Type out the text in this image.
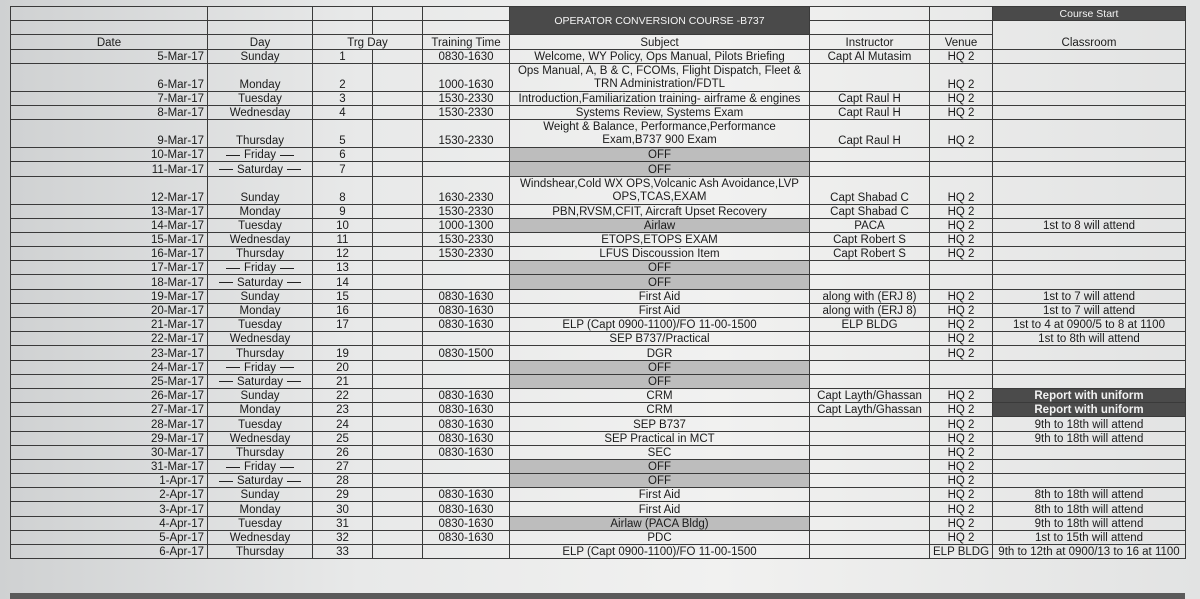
					OPERATOR CONVERSION COURSE -B737			Course Start
								Classroom
Date	Day	Trg Day		Training Time	Subject	Instructor	Venue	
5-Mar-17	Sunday	1		0830-1630	Welcome, WY Policy, Ops Manual, Pilots Briefing	Capt Al Mutasim	HQ 2	
6-Mar-17	Monday	2		1000-1630	Ops Manual, A, B & C, FCOMs, Flight Dispatch, Fleet & TRN Administration/FDTL		HQ 2	
7-Mar-17	Tuesday	3		1530-2330	Introduction,Familiarization training- airframe & engines	Capt Raul H	HQ 2	
8-Mar-17	Wednesday	4		1530-2330	Systems Review, Systems Exam	Capt Raul H	HQ 2	
9-Mar-17	Thursday	5		1530-2330	Weight & Balance, Performance,Performance Exam,B737 900 Exam	Capt Raul H	HQ 2	
10-Mar-17	Friday	6			OFF			
11-Mar-17	Saturday	7			OFF			
12-Mar-17	Sunday	8		1630-2330	Windshear,Cold WX OPS,Volcanic Ash Avoidance,LVP OPS,TCAS,EXAM	Capt Shabad C	HQ 2	
13-Mar-17	Monday	9		1530-2330	PBN,RVSM,CFIT, Aircraft Upset Recovery	Capt Shabad C	HQ 2	
14-Mar-17	Tuesday	10		1000-1300	Airlaw	PACA	HQ 2	1st to 8 will attend
15-Mar-17	Wednesday	11		1530-2330	ETOPS,ETOPS EXAM	Capt Robert S	HQ 2	
16-Mar-17	Thursday	12		1530-2330	LFUS Discoussion Item	Capt Robert S	HQ 2	
17-Mar-17	Friday	13			OFF			
18-Mar-17	Saturday	14			OFF			
19-Mar-17	Sunday	15		0830-1630	First Aid	along with (ERJ 8)	HQ 2	1st to 7 will attend
20-Mar-17	Monday	16		0830-1630	First Aid	along with (ERJ 8)	HQ 2	1st to 7 will attend
21-Mar-17	Tuesday	17		0830-1630	ELP (Capt 0900-1100)/FO 11-00-1500	ELP BLDG	HQ 2	1st to 4 at 0900/5 to 8 at 1100
22-Mar-17	Wednesday				SEP B737/Practical		HQ 2	1st to 8th will attend
23-Mar-17	Thursday	19		0830-1500	DGR		HQ 2	
24-Mar-17	Friday	20			OFF			
25-Mar-17	Saturday	21			OFF			
26-Mar-17	Sunday	22		0830-1630	CRM	Capt Layth/Ghassan	HQ 2	Report with uniform
27-Mar-17	Monday	23		0830-1630	CRM	Capt Layth/Ghassan	HQ 2	Report with uniform
28-Mar-17	Tuesday	24		0830-1630	SEP B737		HQ 2	9th to 18th will attend
29-Mar-17	Wednesday	25		0830-1630	SEP Practical in MCT		HQ 2	9th to 18th will attend
30-Mar-17	Thursday	26		0830-1630	SEC		HQ 2	
31-Mar-17	Friday	27			OFF		HQ 2	
1-Apr-17	Saturday	28			OFF		HQ 2	
2-Apr-17	Sunday	29		0830-1630	First Aid		HQ 2	8th to 18th will attend
3-Apr-17	Monday	30		0830-1630	First Aid		HQ 2	8th to 18th will attend
4-Apr-17	Tuesday	31		0830-1630	Airlaw (PACA Bldg)		HQ 2	9th to 18th will attend
5-Apr-17	Wednesday	32		0830-1630	PDC		HQ 2	1st to 15th will attend
6-Apr-17	Thursday	33			ELP (Capt 0900-1100)/FO 11-00-1500		ELP BLDG	9th to 12th at 0900/13 to 16 at 1100
